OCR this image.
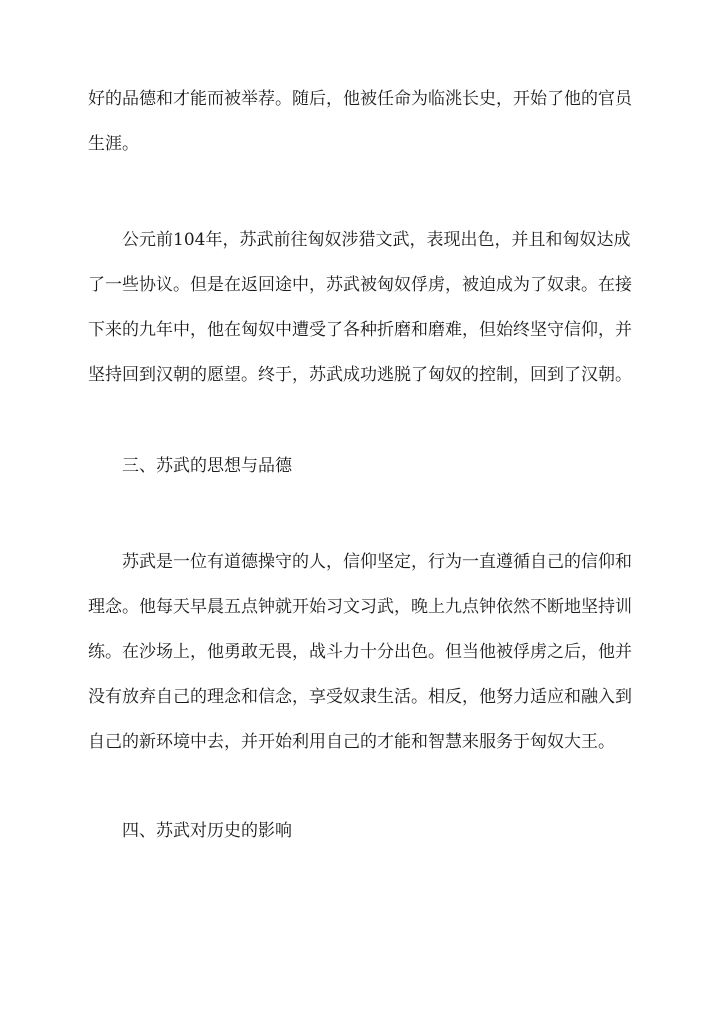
好的品德和才能而被举荐。随后，他被任命为临洮长史，开始了他的官员
生涯。

　　公元前104年，苏武前往匈奴涉猎文武，表现出色，并且和匈奴达成
了一些协议。但是在返回途中，苏武被匈奴俘虏，被迫成为了奴隶。在接
下来的九年中，他在匈奴中遭受了各种折磨和磨难，但始终坚守信仰，并
坚持回到汉朝的愿望。终于，苏武成功逃脱了匈奴的控制，回到了汉朝。

三、苏武的思想与品德

　　苏武是一位有道德操守的人，信仰坚定，行为一直遵循自己的信仰和
理念。他每天早晨五点钟就开始习文习武，晚上九点钟依然不断地坚持训
练。在沙场上，他勇敢无畏，战斗力十分出色。但当他被俘虏之后，他并
没有放弃自己的理念和信念，享受奴隶生活。相反，他努力适应和融入到
自己的新环境中去，并开始利用自己的才能和智慧来服务于匈奴大王。

四、苏武对历史的影响
